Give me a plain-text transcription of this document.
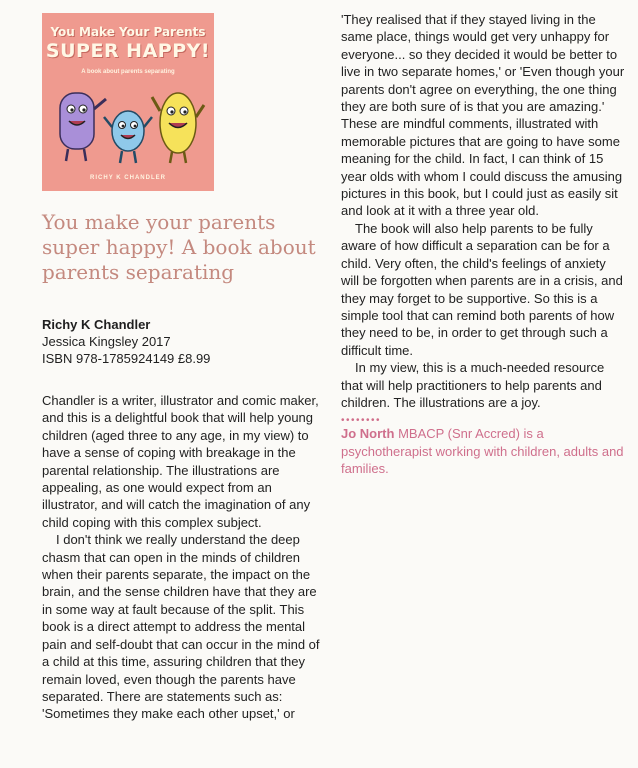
You Make Your Parents
SUPER HAPPY!
A book about parents separating
RICHY K CHANDLER
You make your parents super happy! A book about parents separating
Richy K Chandler
Jessica Kingsley 2017
ISBN 978-1785924149 £8.99

Chandler is a writer, illustrator and comic maker, and this is a delightful book that will help young children (aged three to any age, in my view) to have a sense of coping with breakage in the parental relationship. The illustrations are appealing, as one would expect from an illustrator, and will catch the imagination of any child coping with this complex subject.

I don't think we really understand the deep chasm that can open in the minds of children when their parents separate, the impact on the brain, and the sense children have that they are in some way at fault because of the split. This book is a direct attempt to address the mental pain and self-doubt that can occur in the mind of a child at this time, assuring children that they remain loved, even though the parents have separated. There are statements such as: 'Sometimes they make each other upset,' or

'They realised that if they stayed living in the same place, things would get very unhappy for everyone... so they decided it would be better to live in two separate homes,' or 'Even though your parents don't agree on everything, the one thing they are both sure of is that you are amazing.' These are mindful comments, illustrated with memorable pictures that are going to have some meaning for the child. In fact, I can think of 15 year olds with whom I could discuss the amusing pictures in this book, but I could just as easily sit and look at it with a three year old.

The book will also help parents to be fully aware of how difficult a separation can be for a child. Very often, the child's feelings of anxiety will be forgotten when parents are in a crisis, and they may forget to be supportive. So this is a simple tool that can remind both parents of how they need to be, in order to get through such a difficult time.

In my view, this is a much-needed resource that will help practitioners to help parents and children. The illustrations are a joy.

••••••••

Jo North MBACP (Snr Accred) is a psychotherapist working with children, adults and families.
